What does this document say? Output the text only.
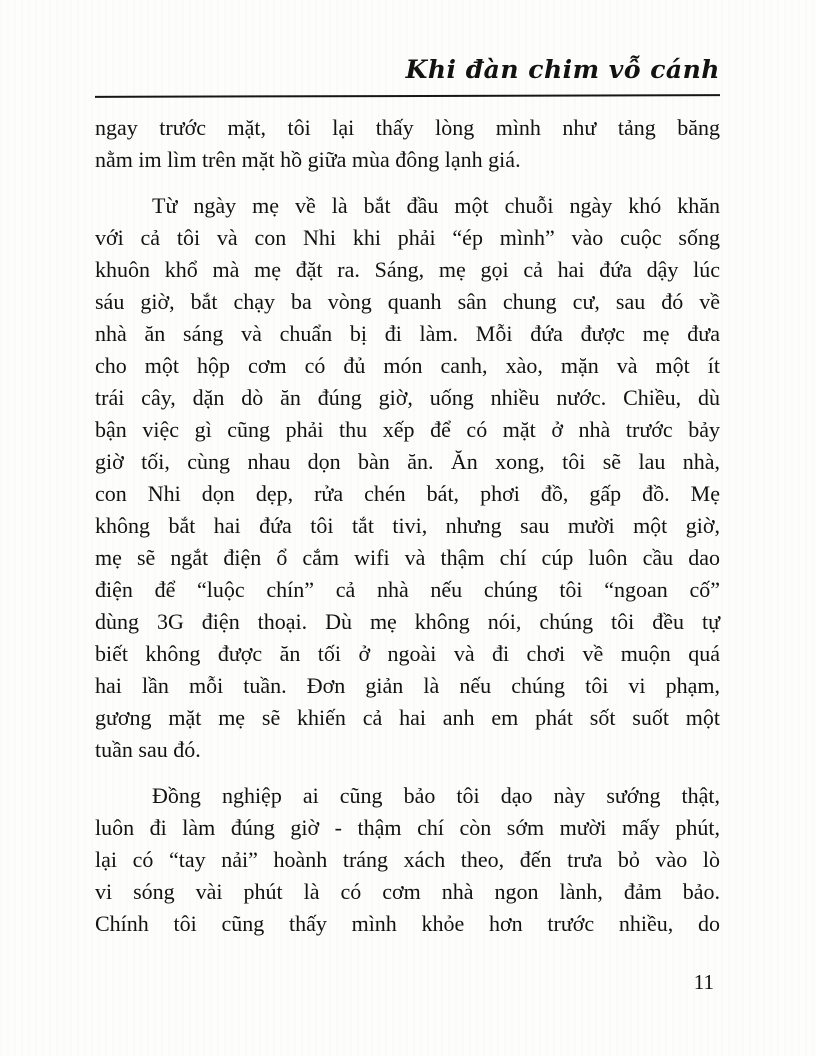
Khi đàn chim vỗ cánh
ngay trước mặt, tôi lại thấy lòng mình như tảng băng
nằm im lìm trên mặt hồ giữa mùa đông lạnh giá.
Từ ngày mẹ về là bắt đầu một chuỗi ngày khó khăn
với cả tôi và con Nhi khi phải “ép mình” vào cuộc sống
khuôn khổ mà mẹ đặt ra. Sáng, mẹ gọi cả hai đứa dậy lúc
sáu giờ, bắt chạy ba vòng quanh sân chung cư, sau đó về
nhà ăn sáng và chuẩn bị đi làm. Mỗi đứa được mẹ đưa
cho một hộp cơm có đủ món canh, xào, mặn và một ít
trái cây, dặn dò ăn đúng giờ, uống nhiều nước. Chiều, dù
bận việc gì cũng phải thu xếp để có mặt ở nhà trước bảy
giờ tối, cùng nhau dọn bàn ăn. Ăn xong, tôi sẽ lau nhà,
con Nhi dọn dẹp, rửa chén bát, phơi đồ, gấp đồ. Mẹ
không bắt hai đứa tôi tắt tivi, nhưng sau mười một giờ,
mẹ sẽ ngắt điện ổ cắm wifi và thậm chí cúp luôn cầu dao
điện để “luộc chín” cả nhà nếu chúng tôi “ngoan cố”
dùng 3G điện thoại. Dù mẹ không nói, chúng tôi đều tự
biết không được ăn tối ở ngoài và đi chơi về muộn quá
hai lần mỗi tuần. Đơn giản là nếu chúng tôi vi phạm,
gương mặt mẹ sẽ khiến cả hai anh em phát sốt suốt một
tuần sau đó.
Đồng nghiệp ai cũng bảo tôi dạo này sướng thật,
luôn đi làm đúng giờ - thậm chí còn sớm mười mấy phút,
lại có “tay nải” hoành tráng xách theo, đến trưa bỏ vào lò
vi sóng vài phút là có cơm nhà ngon lành, đảm bảo.
Chính tôi cũng thấy mình khỏe hơn trước nhiều, do
11
